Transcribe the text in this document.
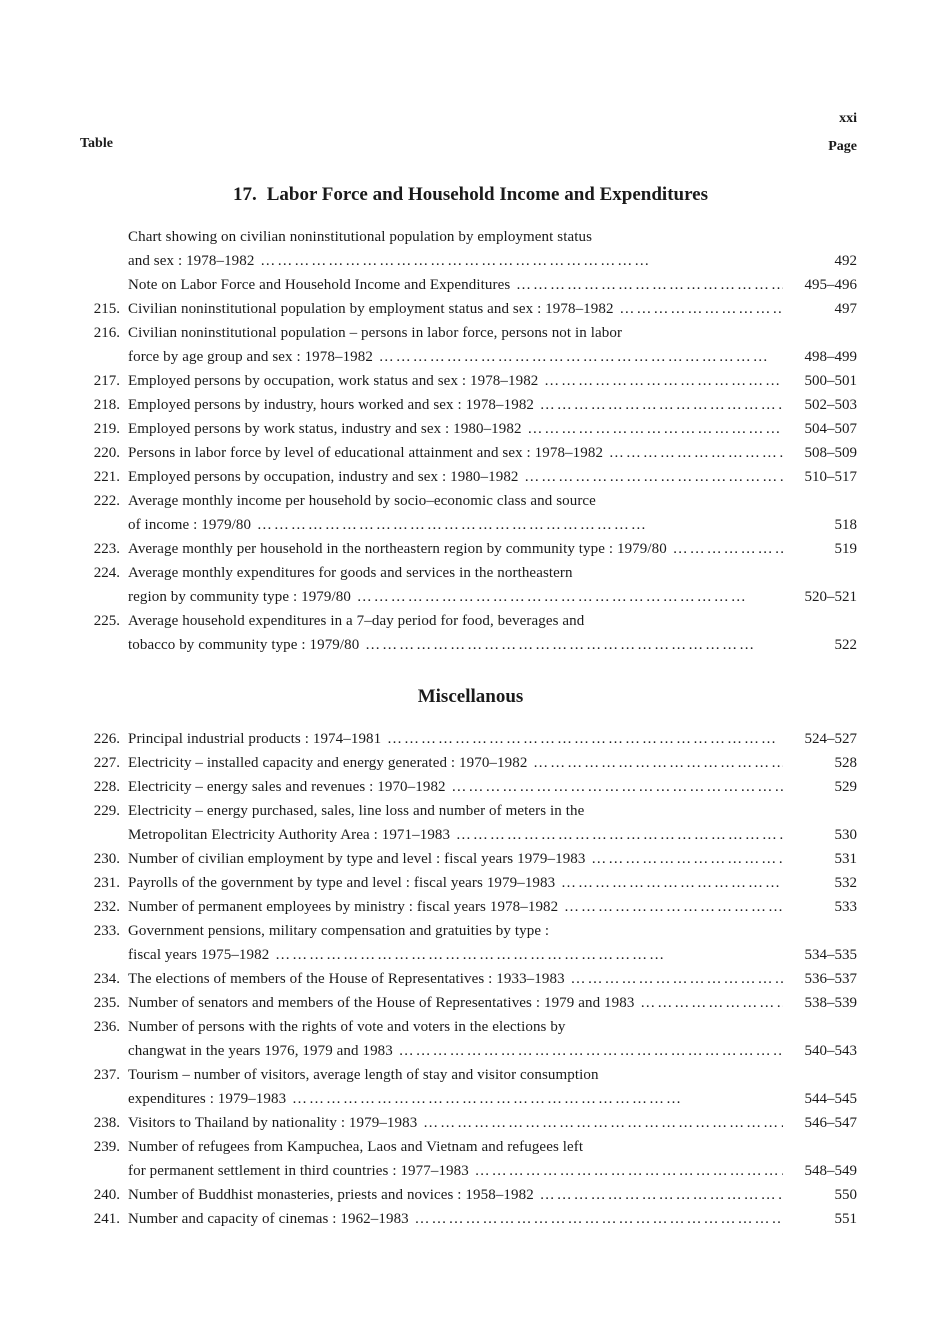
xxi
Table	Page
17. Labor Force and Household Income and Expenditures
Chart showing on civilian noninstitutional population by employment status
and sex : 1978–1982 ……………………………………………………………	492
Note on Labor Force and Household Income and Expenditures ……………………………………………………………	495–496
215. Civilian noninstitutional population by employment status and sex : 1978–1982 ……………………………………………………………	497
216. Civilian noninstitutional population – persons in labor force, persons not in labor
force by age group and sex : 1978–1982 ……………………………………………………………	498–499
217. Employed persons by occupation, work status and sex : 1978–1982 ……………………………………………………………	500–501
218. Employed persons by industry, hours worked and sex : 1978–1982 ……………………………………………………………	502–503
219. Employed persons by work status, industry and sex : 1980–1982 ……………………………………………………………	504–507
220. Persons in labor force by level of educational attainment and sex : 1978–1982 ……………………………………………………………	508–509
221. Employed persons by occupation, industry and sex : 1980–1982 ……………………………………………………………	510–517
222. Average monthly income per household by socio–economic class and source
of income : 1979/80 ……………………………………………………………	518
223. Average monthly per household in the northeastern region by community type : 1979/80 ……………………………………………………………	519
224. Average monthly expenditures for goods and services in the northeastern
region by community type : 1979/80 ……………………………………………………………	520–521
225. Average household expenditures in a 7–day period for food, beverages and
tobacco by community type : 1979/80 ……………………………………………………………	522
Miscellanous
226. Principal industrial products : 1974–1981 ……………………………………………………………	524–527
227. Electricity – installed capacity and energy generated : 1970–1982 ……………………………………………………………	528
228. Electricity – energy sales and revenues : 1970–1982 ……………………………………………………………	529
229. Electricity – energy purchased, sales, line loss and number of meters in the
Metropolitan Electricity Authority Area : 1971–1983 ……………………………………………………………	530
230. Number of civilian employment by type and level : fiscal years 1979–1983 ……………………………………………………………	531
231. Payrolls of the government by type and level : fiscal years 1979–1983 ……………………………………………………………	532
232. Number of permanent employees by ministry : fiscal years 1978–1982 ……………………………………………………………	533
233. Government pensions, military compensation and gratuities by type :
fiscal years 1975–1982 ……………………………………………………………	534–535
234. The elections of members of the House of Representatives : 1933–1983 ……………………………………………………………	536–537
235. Number of senators and members of the House of Representatives : 1979 and 1983 ……………………………………………………………	538–539
236. Number of persons with the rights of vote and voters in the elections by
changwat in the years 1976, 1979 and 1983 ……………………………………………………………	540–543
237. Tourism – number of visitors, average length of stay and visitor consumption
expenditures : 1979–1983 ……………………………………………………………	544–545
238. Visitors to Thailand by nationality : 1979–1983 ……………………………………………………………	546–547
239. Number of refugees from Kampuchea, Laos and Vietnam and refugees left
for permanent settlement in third countries : 1977–1983 ……………………………………………………………	548–549
240. Number of Buddhist monasteries, priests and novices : 1958–1982 ……………………………………………………………	550
241. Number and capacity of cinemas : 1962–1983 ……………………………………………………………	551
